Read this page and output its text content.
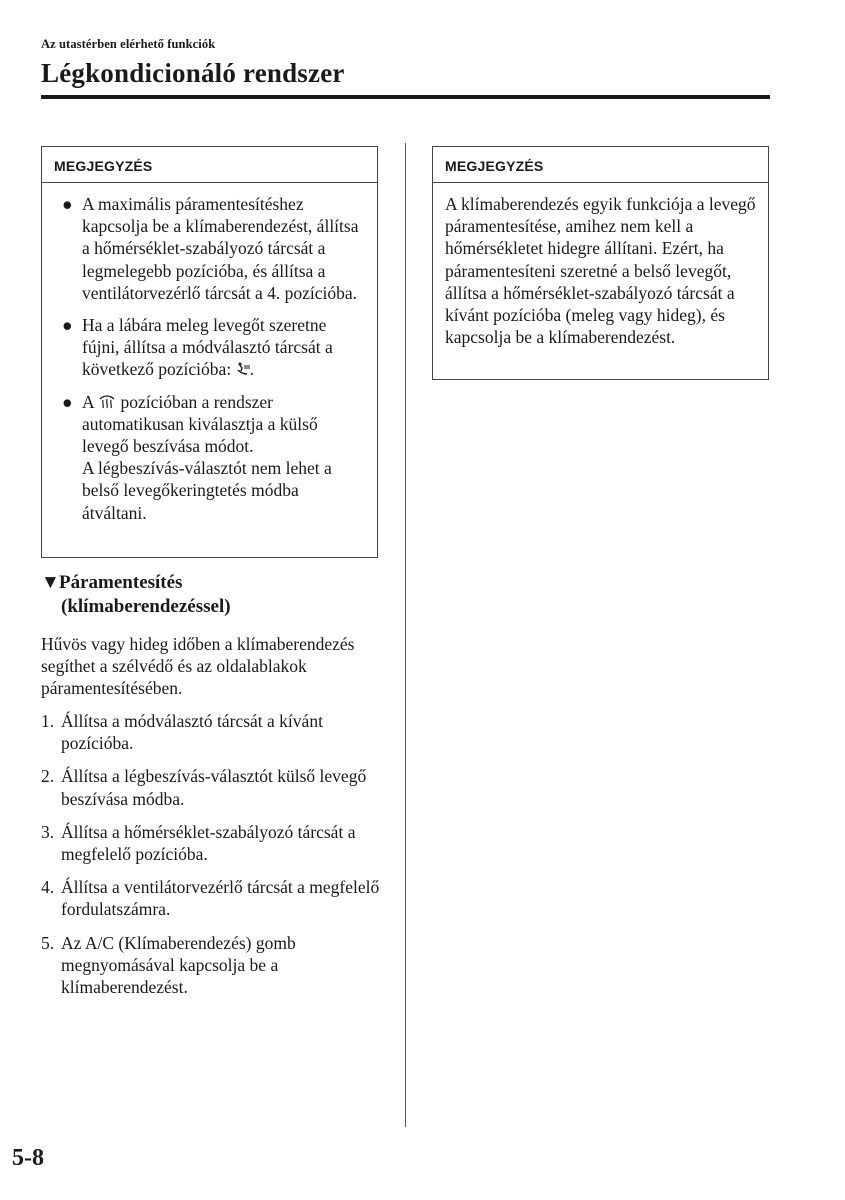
Az utastérben elérhető funkciók
Légkondicionáló rendszer
MEGJEGYZÉS
● A maximális páramentesítéshez kapcsolja be a klímaberendezést, állítsa a hőmérséklet-szabályozó tárcsát a legmelegebb pozícióba, és állítsa a ventilátorvezérlő tárcsát a 4. pozícióba.
● Ha a lábára meleg levegőt szeretne fújni, állítsa a módválasztó tárcsát a következő pozícióba: .
● A  pozícióban a rendszer automatikusan kiválasztja a külső levegő beszívása módot.
A légbeszívás-választót nem lehet a belső levegőkeringtetés módba átváltani.
▼Páramentesítés
(klímaberendezéssel)
Hűvös vagy hideg időben a klímaberendezés segíthet a szélvédő és az oldalablakok páramentesítésében.
1. Állítsa a módválasztó tárcsát a kívánt pozícióba.
2. Állítsa a légbeszívás-választót külső levegő beszívása módba.
3. Állítsa a hőmérséklet-szabályozó tárcsát a megfelelő pozícióba.
4. Állítsa a ventilátorvezérlő tárcsát a megfelelő fordulatszámra.
5. Az A/C (Klímaberendezés) gomb megnyomásával kapcsolja be a klímaberendezést.
MEGJEGYZÉS
A klímaberendezés egyik funkciója a levegő páramentesítése, amihez nem kell a hőmérsékletet hidegre állítani. Ezért, ha páramentesíteni szeretné a belső levegőt, állítsa a hőmérséklet-szabályozó tárcsát a kívánt pozícióba (meleg vagy hideg), és kapcsolja be a klímaberendezést.
5-8
